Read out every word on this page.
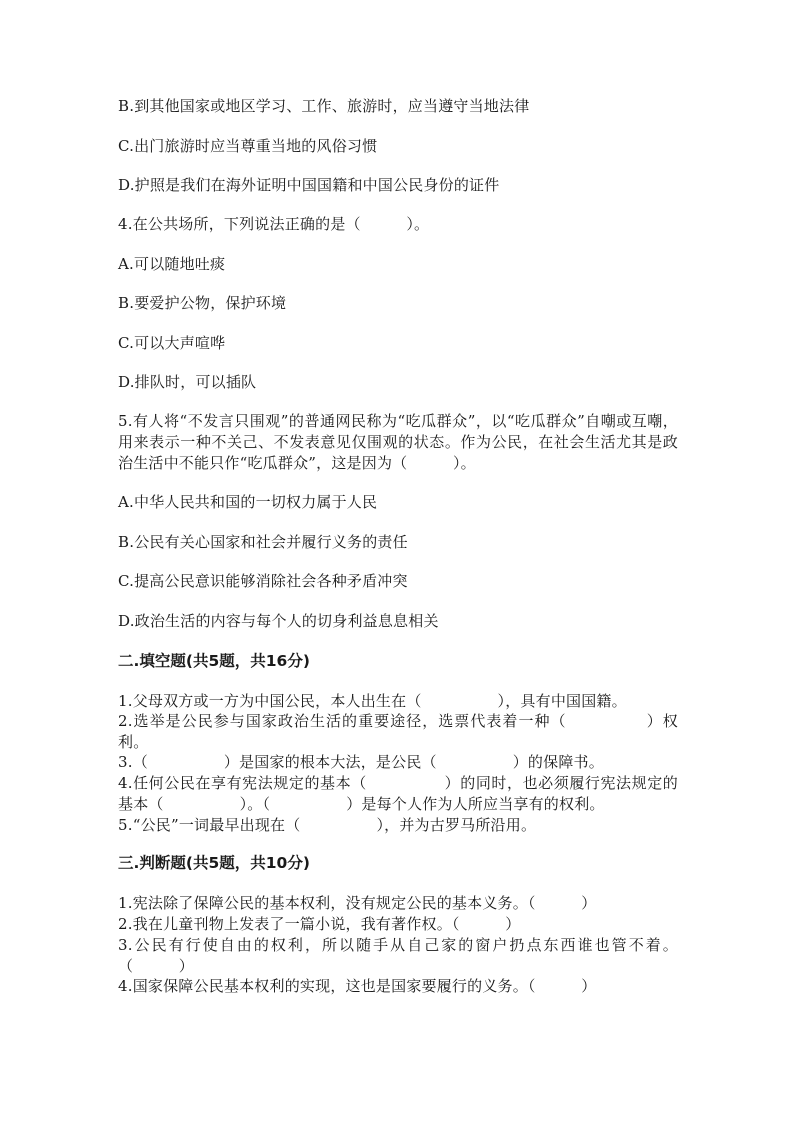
B.到其他国家或地区学习、工作、旅游时，应当遵守当地法律
C.出门旅游时应当尊重当地的风俗习惯
D.护照是我们在海外证明中国国籍和中国公民身份的证件
4.在公共场所，下列说法正确的是（　　　）。
A.可以随地吐痰
B.要爱护公物，保护环境
C.可以大声喧哗
D.排队时，可以插队
5.有人将“不发言只围观”的普通网民称为“吃瓜群众”，以“吃瓜群众”自嘲或互嘲，用来表示一种不关己、不发表意见仅围观的状态。作为公民，在社会生活尤其是政治生活中不能只作“吃瓜群众”，这是因为（　　　）。
A.中华人民共和国的一切权力属于人民
B.公民有关心国家和社会并履行义务的责任
C.提高公民意识能够消除社会各种矛盾冲突
D.政治生活的内容与每个人的切身利益息息相关
二.填空题(共5题，共16分)
1.父母双方或一方为中国公民，本人出生在（　　　　　），具有中国国籍。
2.选举是公民参与国家政治生活的重要途径，选票代表着一种（　　　　　）权利。
3.（　　　　　）是国家的根本大法，是公民（　　　　　）的保障书。
4.任何公民在享有宪法规定的基本（　　　　　）的同时，也必须履行宪法规定的基本（　　　　　）。（　　　　　）是每个人作为人所应当享有的权利。
5.“公民”一词最早出现在（　　　　　），并为古罗马所沿用。
三.判断题(共5题，共10分)
1.宪法除了保障公民的基本权利，没有规定公民的基本义务。（　　　）
2.我在儿童刊物上发表了一篇小说，我有著作权。（　　　）
3.公民有行使自由的权利，所以随手从自己家的窗户扔点东西谁也管不着。（　　　）
4.国家保障公民基本权利的实现，这也是国家要履行的义务。（　　　）
